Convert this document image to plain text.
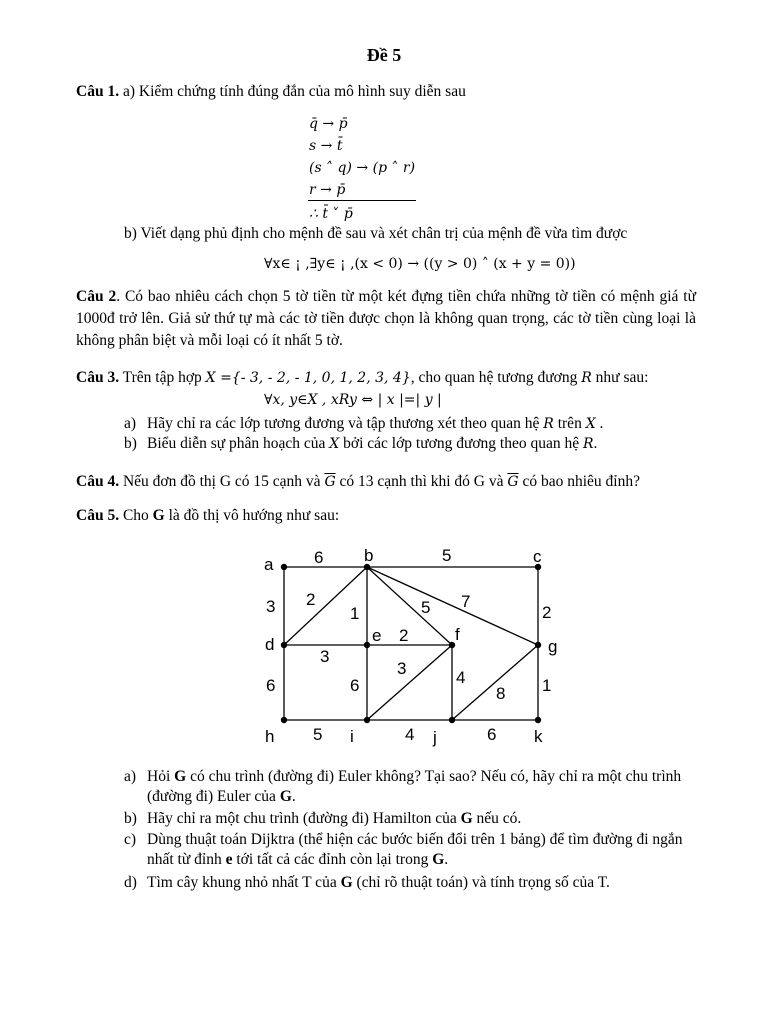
Đề 5
Câu 1. a) Kiểm chứng tính đúng đắn của mô hình suy diễn sau
q̄ → p̄
s → t̄
(s ˄ q) → (p ˄ r)
r → p̄
∴ t̄ ˅ p̄
b) Viết dạng phủ định cho mệnh đề sau và xét chân trị của mệnh đề vừa tìm được
∀x∈ ¡ ,∃y∈ ¡ ,(x < 0) → ((y > 0) ˄ (x + y = 0))
Câu 2. Có bao nhiêu cách chọn 5 tờ tiền từ một két đựng tiền chứa những tờ tiền có mệnh giá từ 1000đ trở lên. Giả sử thứ tự mà các tờ tiền được chọn là không quan trọng, các tờ tiền cùng loại là không phân biệt và mỗi loại có ít nhất 5 tờ.
Câu 3. Trên tập hợp X ={- 3, - 2, - 1, 0, 1, 2, 3, 4}, cho quan hệ tương đương R như sau:
∀x, y∈X , xRy ⇔ | x |=| y |
a) Hãy chỉ ra các lớp tương đương và tập thương xét theo quan hệ R trên X .
b) Biểu diễn sự phân hoạch của X bởi các lớp tương đương theo quan hệ R.
Câu 4. Nếu đơn đồ thị G có 15 cạnh và $\overline{G}$ có 13 cạnh thì khi đó G và $\overline{G}$ có bao nhiêu đỉnh?
Câu 5. Cho G là đồ thị vô hướng như sau:
a	b	c
d	e	f
g
h	i	j	k
6	5
3 2
1	5 7
2
2
3
3
6	6	4
8 1
5	4	6
a) Hỏi G có chu trình (đường đi) Euler không? Tại sao? Nếu có, hãy chỉ ra một chu trình (đường đi) Euler của G.
b) Hãy chỉ ra một chu trình (đường đi) Hamilton của G nếu có.
c) Dùng thuật toán Dijktra (thể hiện các bước biến đổi trên 1 bảng) để tìm đường đi ngắn nhất từ đỉnh e tới tất cả các đỉnh còn lại trong G.
d) Tìm cây khung nhỏ nhất T của G (chỉ rõ thuật toán) và tính trọng số của T.
